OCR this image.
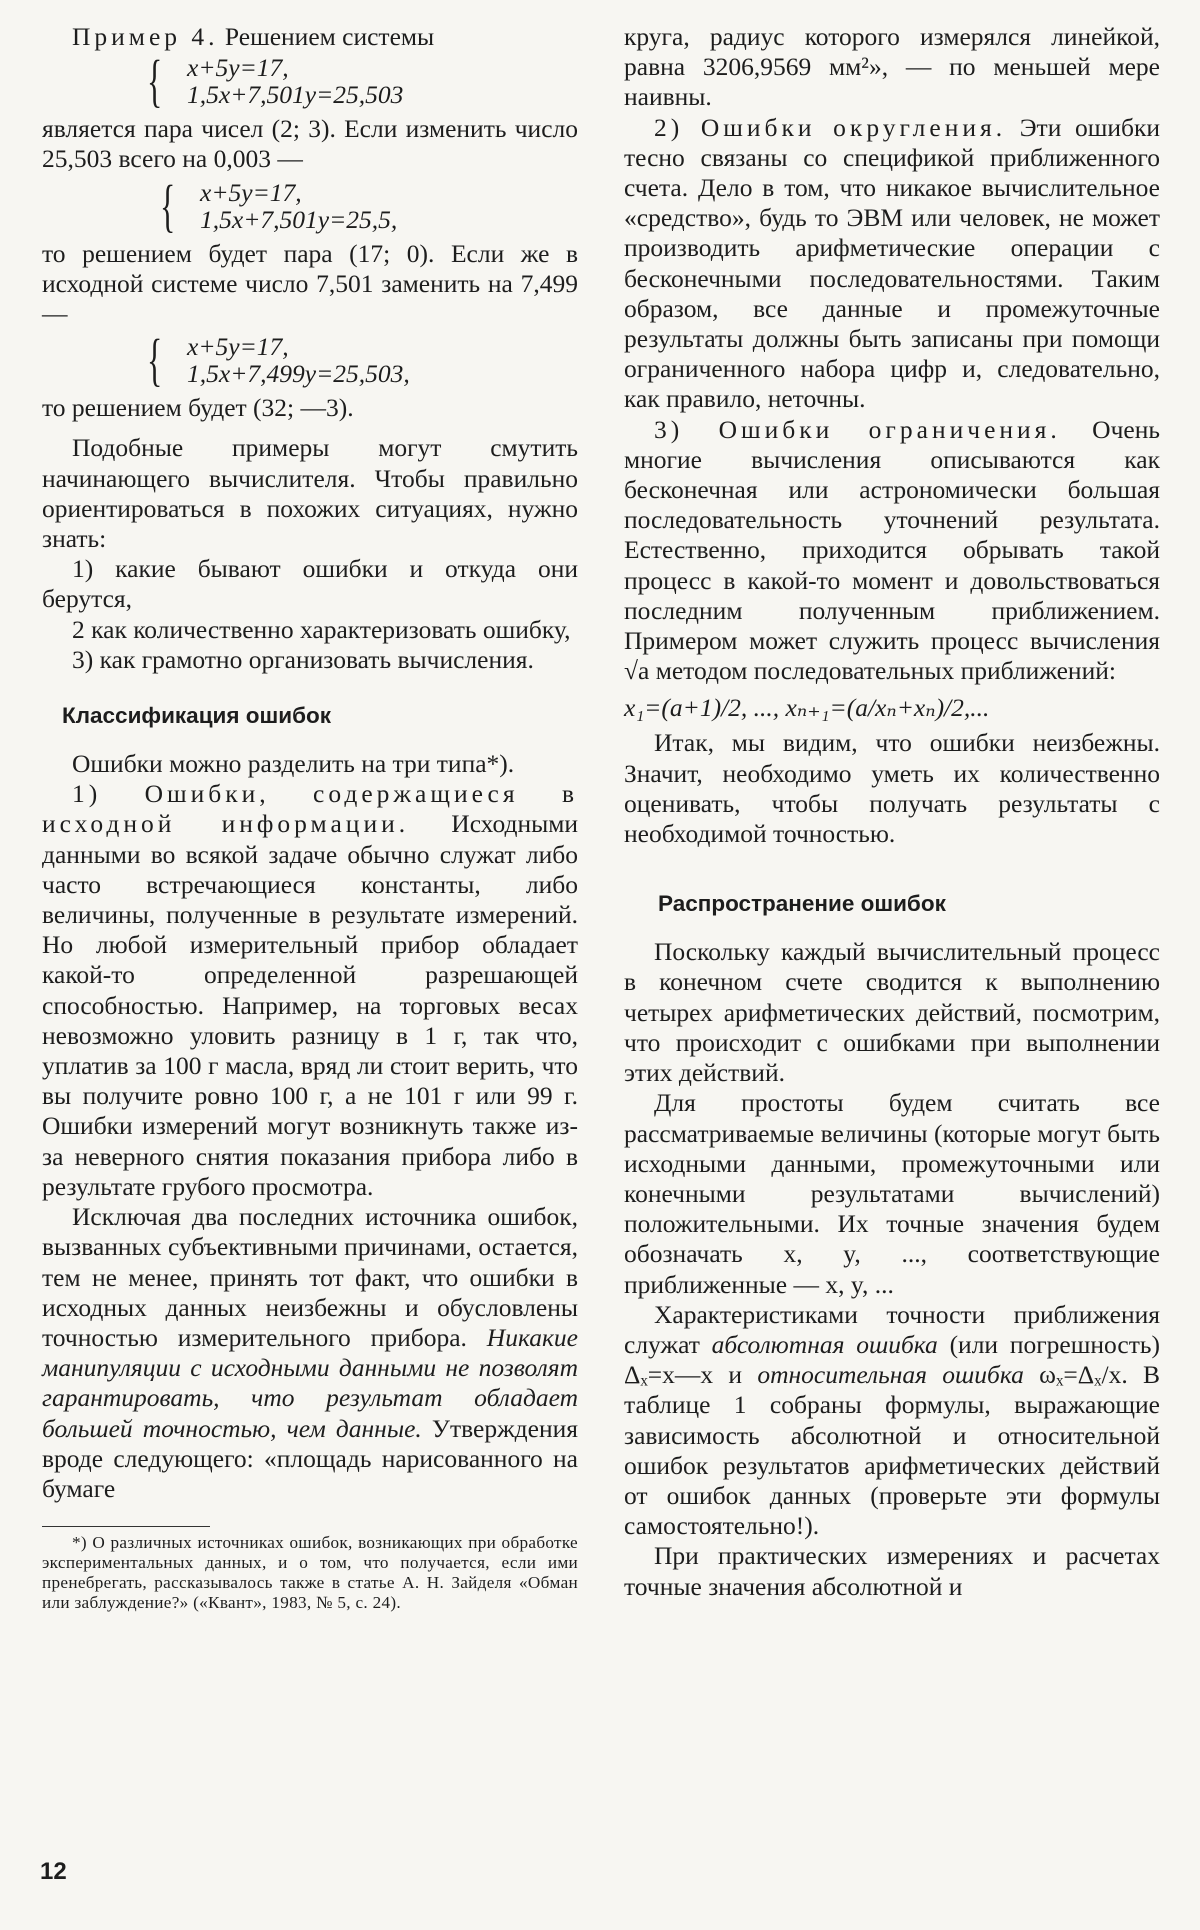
Пример 4. Решением системы

{ x+5y=17,
1,5x+7,501y=25,503

является пара чисел (2; 3). Если изменить число 25,503 всего на 0,003 —

{ x+5y=17,
1,5x+7,501y=25,5,

то решением будет пара (17; 0). Если же в исходной системе число 7,501 заменить на 7,499 —

{ x+5y=17,
1,5x+7,499y=25,503,

то решением будет (32; —3).

Подобные примеры могут смутить начинающего вычислителя. Чтобы правильно ориентироваться в похожих ситуациях, нужно знать:

1) какие бывают ошибки и откуда они берутся,

2 как количественно характеризовать ошибку,

3) как грамотно организовать вычисления.

Классификация ошибок

Ошибки можно разделить на три типа*).

1) Ошибки, содержащиеся в исходной информации. Исходными данными во всякой задаче обычно служат либо часто встречающиеся константы, либо величины, полученные в результате измерений. Но любой измерительный прибор обладает какой-то определенной разрешающей способностью. Например, на торговых весах невозможно уловить разницу в 1 г, так что, уплатив за 100 г масла, вряд ли стоит верить, что вы получите ровно 100 г, а не 101 г или 99 г. Ошибки измерений могут возникнуть также из-за неверного снятия показания прибора либо в результате грубого просмотра.

Исключая два последних источника ошибок, вызванных субъективными причинами, остается, тем не менее, принять тот факт, что ошибки в исходных данных неизбежны и обусловлены точностью измерительного прибора. Никакие манипуляции с исходными данными не позволят гарантировать, что результат обладает большей точностью, чем данные. Утверждения вроде следующего: «площадь нарисованного на бумаге

*) О различных источниках ошибок, возникающих при обработке экспериментальных данных, и о том, что получается, если ими пренебрегать, рассказывалось также в статье А. Н. Зайделя «Обман или заблуждение?» («Квант», 1983, № 5, с. 24).

круга, радиус которого измерялся линейкой, равна 3206,9569 мм²», — по меньшей мере наивны.

2) Ошибки округления. Эти ошибки тесно связаны со спецификой приближенного счета. Дело в том, что никакое вычислительное «средство», будь то ЭВМ или человек, не может производить арифметические операции с бесконечными последовательностями. Таким образом, все данные и промежуточные результаты должны быть записаны при помощи ограниченного набора цифр и, следовательно, как правило, неточны.

3) Ошибки ограничения. Очень многие вычисления описываются как бесконечная или астрономически большая последовательность уточнений результата. Естественно, приходится обрывать такой процесс в какой-то момент и довольствоваться последним полученным приближением. Примером может служить процесс вычисления √a методом последовательных приближений:

x₁=(a+1)/2, ..., xₙ₊₁=(a/xₙ+xₙ)/2,...

Итак, мы видим, что ошибки неизбежны. Значит, необходимо уметь их количественно оценивать, чтобы получать результаты с необходимой точностью.

Распространение ошибок

Поскольку каждый вычислительный процесс в конечном счете сводится к выполнению четырех арифметических действий, посмотрим, что происходит с ошибками при выполнении этих действий.

Для простоты будем считать все рассматриваемые величины (которые могут быть исходными данными, промежуточными или конечными результатами вычислений) положительными. Их точные значения будем обозначать x, y, ..., соответствующие приближенные — x, y, ...

Характеристиками точности приближения служат абсолютная ошибка (или погрешность) Δₓ=x—x и относительная ошибка ωₓ=Δₓ/x. В таблице 1 собраны формулы, выражающие зависимость абсолютной и относительной ошибок результатов арифметических действий от ошибок данных (проверьте эти формулы самостоятельно!).

При практических измерениях и расчетах точные значения абсолютной и

12
